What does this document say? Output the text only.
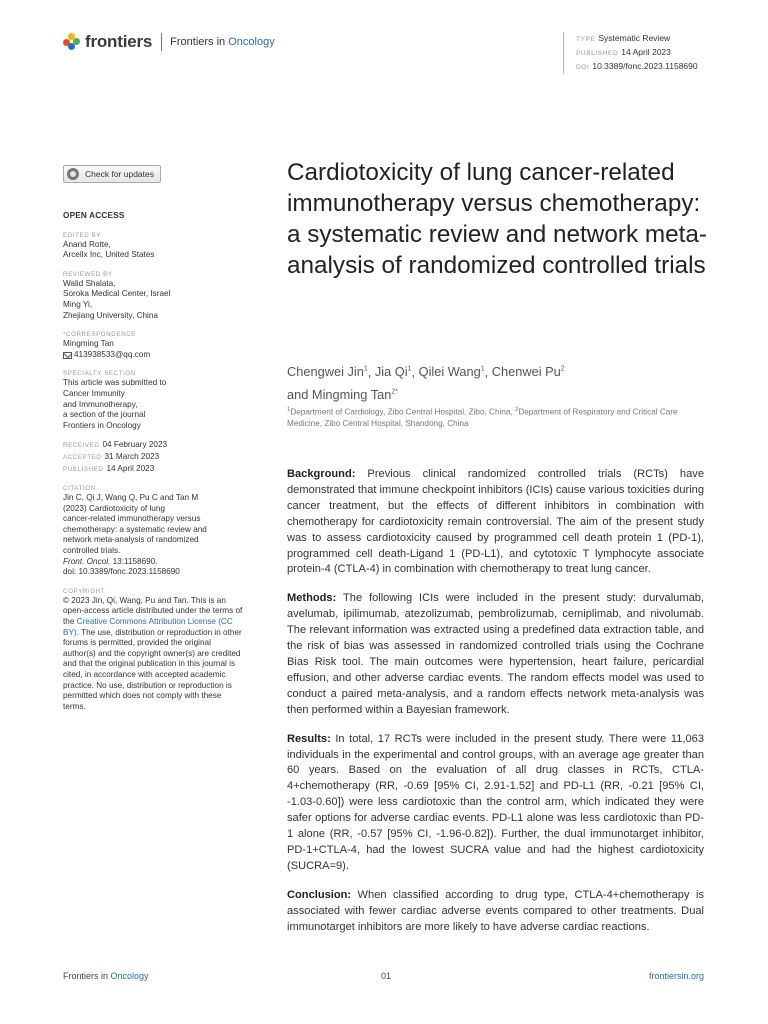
frontiers Frontiers in Oncology	TYPE Systematic Review
PUBLISHED 14 April 2023
DOI 10.3389/fonc.2023.1158690
Check for updates
OPEN ACCESS
EDITED BY
Anand Rotte,
Arcellx Inc, United States
REVIEWED BY
Walid Shalata,
Soroka Medical Center, Israel
Ming Yi,
Zhejiang University, China
*CORRESPONDENCE
Mingming Tan
413938533@qq.com
SPECIALTY SECTION
This article was submitted to
Cancer Immunity
and Immunotherapy,
a section of the journal
Frontiers in Oncology
RECEIVED 04 February 2023
ACCEPTED 31 March 2023
PUBLISHED 14 April 2023
CITATION
Jin C, Qi J, Wang Q, Pu C and Tan M
(2023) Cardiotoxicity of lung
cancer-related immunotherapy versus
chemotherapy: a systematic review and
network meta-analysis of randomized
controlled trials.
Front. Oncol. 13:1158690.
doi: 10.3389/fonc.2023.1158690
COPYRIGHT
© 2023 Jin, Qi, Wang, Pu and Tan. This is an open-access article distributed under the terms of the Creative Commons Attribution License (CC BY). The use, distribution or reproduction in other forums is permitted, provided the original author(s) and the copyright owner(s) are credited and that the original publication in this journal is cited, in accordance with accepted academic practice. No use, distribution or reproduction is permitted which does not comply with these terms.
Cardiotoxicity of lung cancer-related immunotherapy versus chemotherapy: a systematic review and network meta-analysis of randomized controlled trials
Chengwei Jin$^1$, Jia Qi$^1$, Qilei Wang$^1$, Chenwei Pu$^2$
and Mingming Tan$^{2*}$
$^1$Department of Cardiology, Zibo Central Hospital, Zibo, China, $^2$Department of Respiratory and Critical Care Medicine, Zibo Central Hospital, Shandong, China

Background: Previous clinical randomized controlled trials (RCTs) have demonstrated that immune checkpoint inhibitors (ICIs) cause various toxicities during cancer treatment, but the effects of different inhibitors in combination with chemotherapy for cardiotoxicity remain controversial. The aim of the present study was to assess cardiotoxicity caused by programmed cell death protein 1 (PD-1), programmed cell death-Ligand 1 (PD-L1), and cytotoxic T lymphocyte associate protein-4 (CTLA-4) in combination with chemotherapy to treat lung cancer.

Methods: The following ICIs were included in the present study: durvalumab, avelumab, ipilimumab, atezolizumab, pembrolizumab, cemiplimab, and nivolumab. The relevant information was extracted using a predefined data extraction table, and the risk of bias was assessed in randomized controlled trials using the Cochrane Bias Risk tool. The main outcomes were hypertension, heart failure, pericardial effusion, and other adverse cardiac events. The random effects model was used to conduct a paired meta-analysis, and a random effects network meta-analysis was then performed within a Bayesian framework.

Results: In total, 17 RCTs were included in the present study. There were 11,063 individuals in the experimental and control groups, with an average age greater than 60 years. Based on the evaluation of all drug classes in RCTs, CTLA-4+chemotherapy (RR, -0.69 [95% CI, 2.91-1.52] and PD-L1 (RR, -0.21 [95% CI, -1.03-0.60]) were less cardiotoxic than the control arm, which indicated they were safer options for adverse cardiac events. PD-L1 alone was less cardiotoxic than PD-1 alone (RR, -0.57 [95% CI, -1.96-0.82]). Further, the dual immunotarget inhibitor, PD-1+CTLA-4, had the lowest SUCRA value and had the highest cardiotoxicity (SUCRA=9).

Conclusion: When classified according to drug type, CTLA-4+chemotherapy is associated with fewer cardiac adverse events compared to other treatments. Dual immunotarget inhibitors are more likely to have adverse cardiac reactions.

Frontiers in Oncology	01	frontiersin.org
